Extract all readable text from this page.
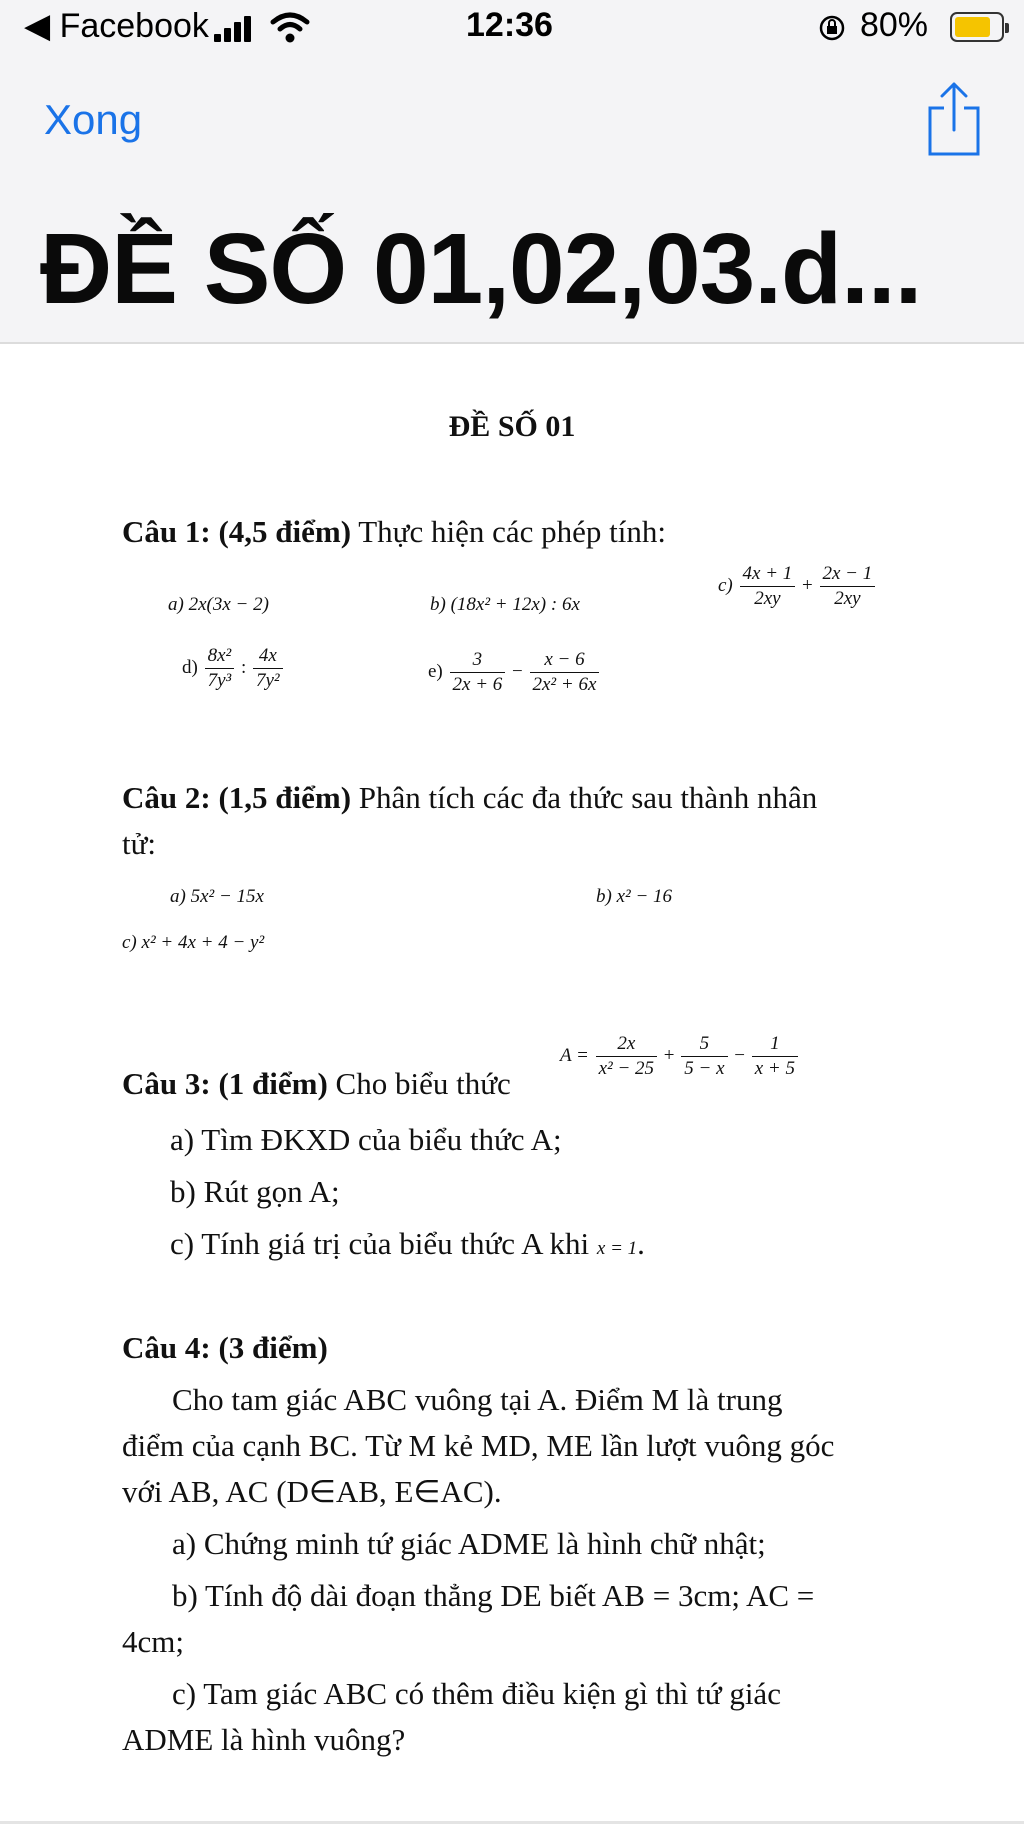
◀ Facebook	12:36	80%
Xong
ĐỀ SỐ 01,02,03.d...
ĐỀ SỐ 01
Câu 1: (4,5 điểm) Thực hiện các phép tính:
a) 2x(3x − 2)	b) (18x² + 12x) : 6x
$c) \frac{4x + 1}{2xy} + \frac{2x - 1}{2xy}$
$d) \frac{\text{8x²}}{\text{7y³}}$ : $\frac{4x}{\text{7y²}}$	$e) \frac{3}{2x + 6} - \frac{x - 6}{\text{2x² + 6x}}$
Câu 2: (1,5 điểm) Phân tích các đa thức sau thành nhân
tử:
a) 5x² − 15x	b) x² − 16
c) x² + 4x + 4 − y²
Câu 3: (1 điểm) Cho biểu thức
$A = \frac{2x}{\text{x² − 25}} + \frac{5}{5 - x} - \frac{1}{x + 5}$
a) Tìm ĐKXD của biểu thức A;
b) Rút gọn A;
c) Tính giá trị của biểu thức A khi x = 1.
Câu 4: (3 điểm)
Cho tam giác ABC vuông tại A. Điểm M là trung
điểm của cạnh BC. Từ M kẻ MD, ME lần lượt vuông góc
với AB, AC (D∈AB, E∈AC).
a) Chứng minh tứ giác ADME là hình chữ nhật;
b) Tính độ dài đoạn thẳng DE biết AB = 3cm; AC =
4cm;
c) Tam giác ABC có thêm điều kiện gì thì tứ giác
ADME là hình vuông?
